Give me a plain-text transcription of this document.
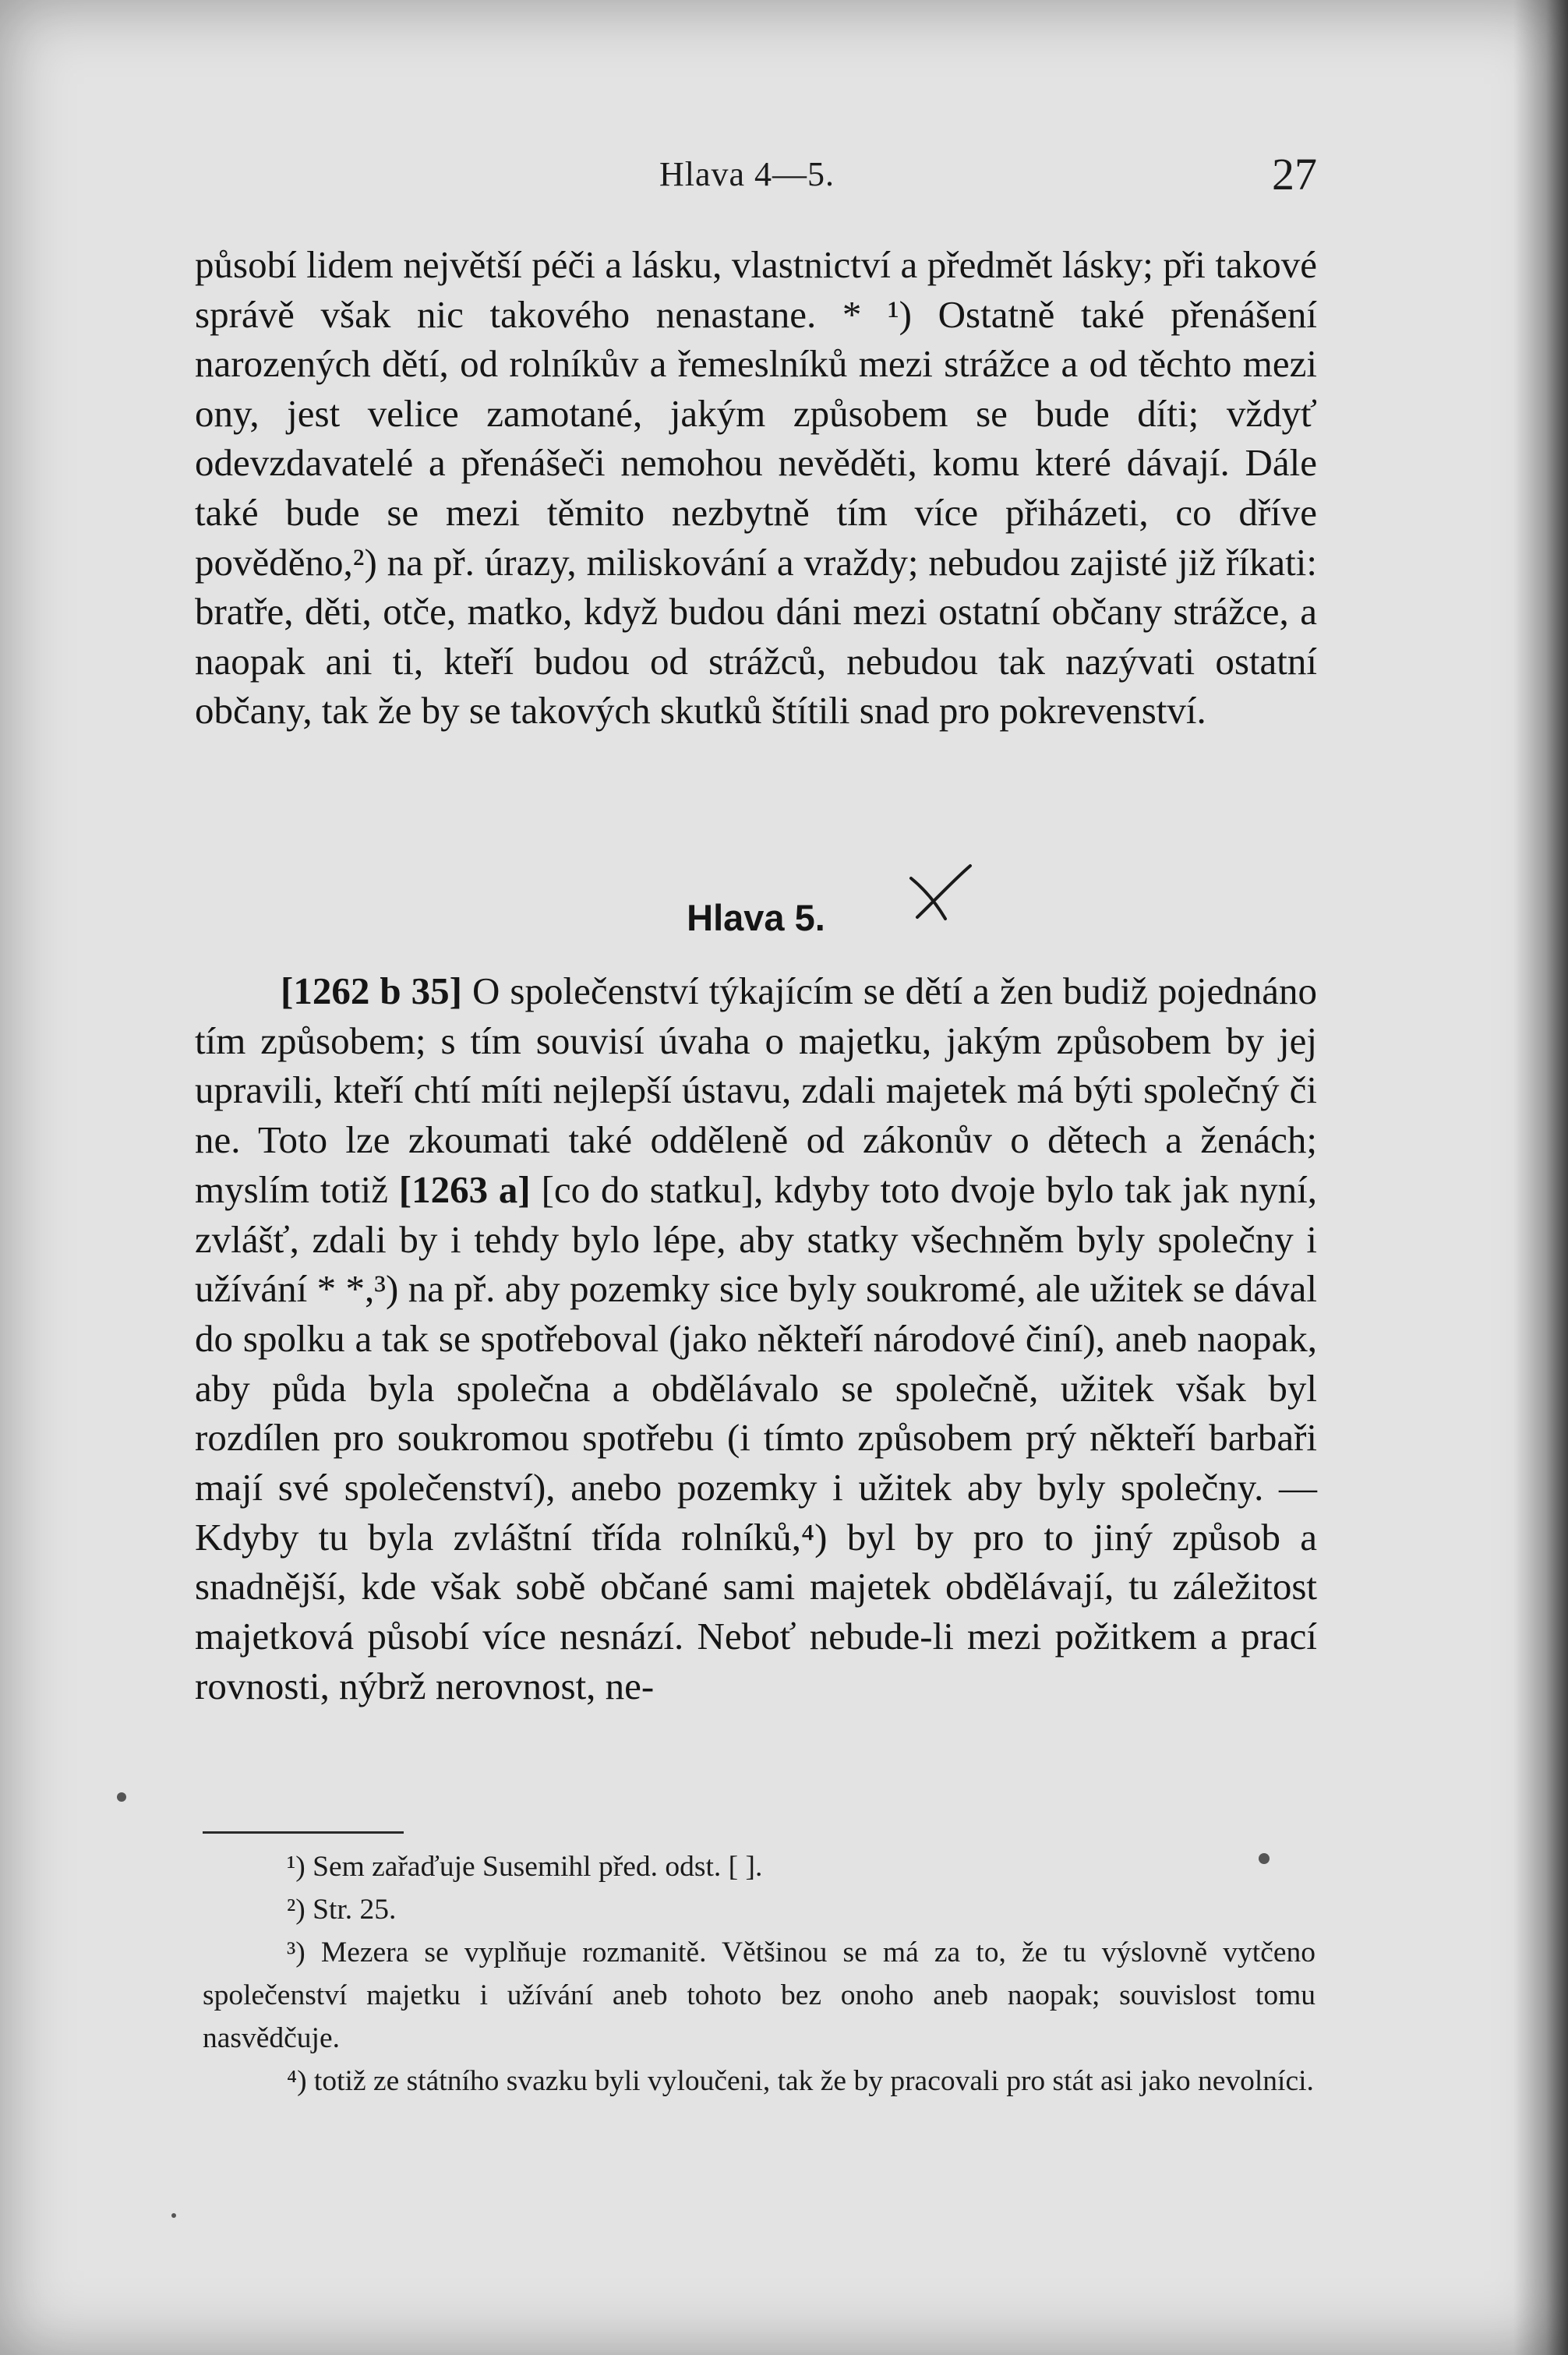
Hlava 4—5.	27

působí lidem největší péči a lásku, vlastnictví a předmět lásky; při takové správě však nic takového nenastane. * ¹) Ostatně také přenášení narozených dětí, od rolníkův a řemeslníků mezi strážce a od těchto mezi ony, jest velice zamotané, jakým způsobem se bude díti; vždyť odevzdavatelé a přenášeči nemohou nevěděti, komu které dávají. Dále také bude se mezi těmito nezbytně tím více přiházeti, co dříve pověděno,²) na př. úrazy, miliskování a vraždy; nebudou zajisté již říkati: bratře, děti, otče, matko, když budou dáni mezi ostatní občany strážce, a naopak ani ti, kteří budou od strážců, nebudou tak nazývati ostatní občany, tak že by se takových skutků štítili snad pro pokrevenství.

Hlava 5.

[1262 b 35] O společenství týkajícím se dětí a žen budiž pojednáno tím způsobem; s tím souvisí úvaha o majetku, jakým způsobem by jej upravili, kteří chtí míti nejlepší ústavu, zdali majetek má býti společný či ne. Toto lze zkoumati také odděleně od zákonův o dětech a ženách; myslím totiž [1263 a] [co do statku], kdyby toto dvoje bylo tak jak nyní, zvlášť, zdali by i tehdy bylo lépe, aby statky všechněm byly společny i užívání * *,³) na př. aby pozemky sice byly soukromé, ale užitek se dával do spolku a tak se spotřeboval (jako někteří národové činí), aneb naopak, aby půda byla společna a obdělávalo se společně, užitek však byl rozdílen pro soukromou spotřebu (i tímto způsobem prý někteří barbaři mají své společenství), anebo pozemky i užitek aby byly společny. — Kdyby tu byla zvláštní třída rolníků,⁴) byl by pro to jiný způsob a snadnější, kde však sobě občané sami majetek obdělávají, tu záležitost majetková působí více nesnází. Neboť nebude-li mezi požitkem a prací rovnosti, nýbrž nerovnost, ne-

¹) Sem zařaďuje Susemihl před. odst. [ ].

²) Str. 25.

³) Mezera se vyplňuje rozmanitě. Většinou se má za to, že tu výslovně vytčeno společenství majetku i užívání aneb tohoto bez onoho aneb naopak; souvislost tomu nasvědčuje.

⁴) totiž ze státního svazku byli vyloučeni, tak že by pracovali pro stát asi jako nevolníci.
